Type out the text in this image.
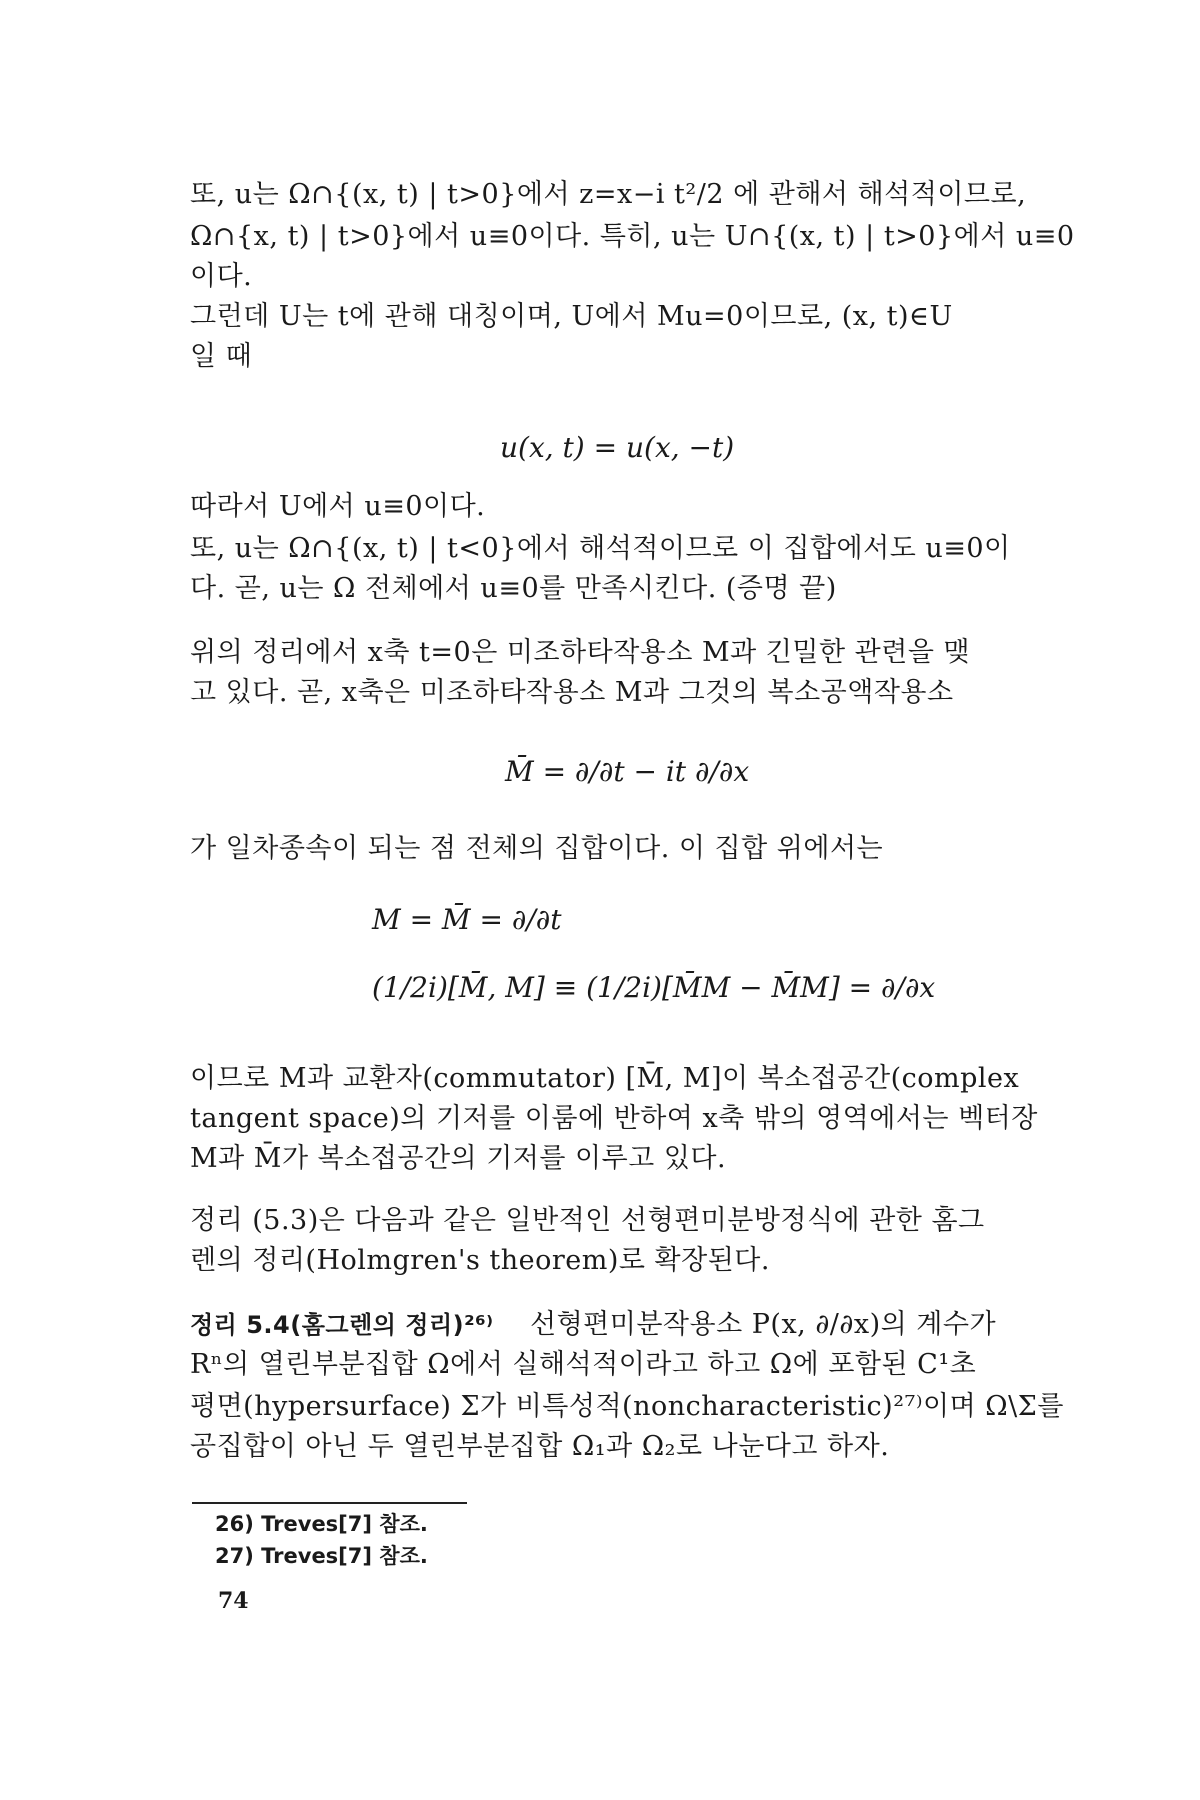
또, u는 Ω∩{(x, t) | t>0}에서 z=x−i t²/2 에 관해서 해석적이므로,
Ω∩{x, t) | t>0}에서 u≡0이다. 특히, u는 U∩{(x, t) | t>0}에서 u≡0
이다.
그런데 U는 t에 관해 대칭이며, U에서 Mu=0이므로, (x, t)∈U
일 때
u(x, t) = u(x, −t)
따라서 U에서 u≡0이다.
또, u는 Ω∩{(x, t) | t<0}에서 해석적이므로 이 집합에서도 u≡0이
다. 곧, u는 Ω 전체에서 u≡0를 만족시킨다. (증명 끝)
위의 정리에서 x축 t=0은 미조하타작용소 M과 긴밀한 관련을 맺
고 있다. 곧, x축은 미조하타작용소 M과 그것의 복소공액작용소
M̄ = ∂/∂t − it ∂/∂x
가 일차종속이 되는 점 전체의 집합이다. 이 집합 위에서는
M = M̄ = ∂/∂t
(1/2i)[M̄, M] ≡ (1/2i)[M̄M − M̄M] = ∂/∂x
이므로 M과 교환자(commutator) [M̄, M]이 복소접공간(complex
tangent space)의 기저를 이룸에 반하여 x축 밖의 영역에서는 벡터장
M과 M̄가 복소접공간의 기저를 이루고 있다.
정리 (5.3)은 다음과 같은 일반적인 선형편미분방정식에 관한 홈그
렌의 정리(Holmgren's theorem)로 확장된다.
정리 5.4(홈그렌의 정리)²⁶⁾	선형편미분작용소 P(x, ∂/∂x)의 계수가
Rⁿ의 열린부분집합 Ω에서 실해석적이라고 하고 Ω에 포함된 C¹초
평면(hypersurface) Σ가 비특성적(noncharacteristic)²⁷⁾이며 Ω\Σ를
공집합이 아닌 두 열린부분집합 Ω₁과 Ω₂로 나눈다고 하자.
26) Treves[7] 참조.
27) Treves[7] 참조.
74
